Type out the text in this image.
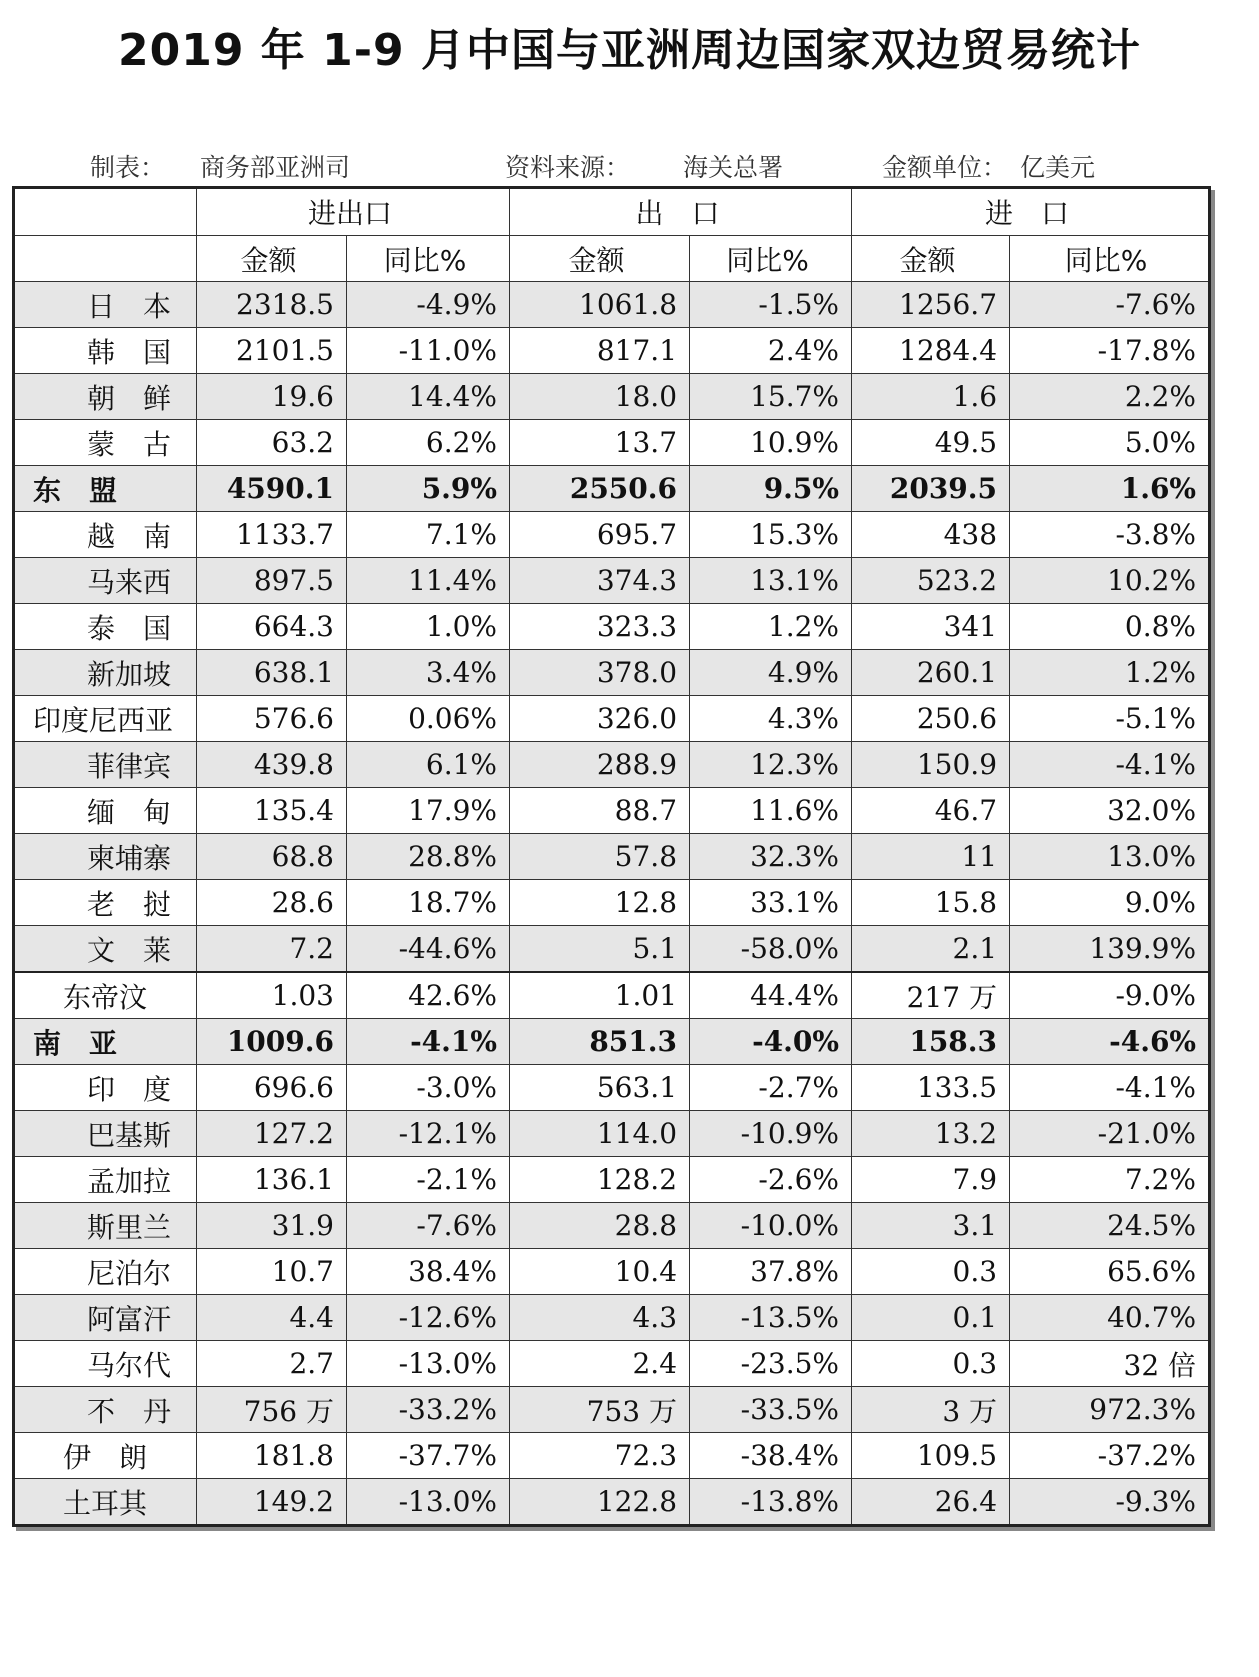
2019 年 1-9 月中国与亚洲周边国家双边贸易统计
制表： 商务部亚洲司	资料来源： 海关总署	金额单位： 亿美元
	进出口		出　口		进　口	
	金额	同比%	金额	同比%	金额	同比%
日　本	2318.5	-4.9%	1061.8	-1.5%	1256.7	-7.6%
韩　国	2101.5	-11.0%	817.1	2.4%	1284.4	-17.8%
朝　鲜	19.6	14.4%	18.0	15.7%	1.6	2.2%
蒙　古	63.2	6.2%	13.7	10.9%	49.5	5.0%
东　盟	4590.1	5.9%	2550.6	9.5%	2039.5	1.6%
越　南	1133.7	7.1%	695.7	15.3%	438	-3.8%
马来西	897.5	11.4%	374.3	13.1%	523.2	10.2%
泰　国	664.3	1.0%	323.3	1.2%	341	0.8%
新加坡	638.1	3.4%	378.0	4.9%	260.1	1.2%
印度尼西亚	576.6	0.06%	326.0	4.3%	250.6	-5.1%
菲律宾	439.8	6.1%	288.9	12.3%	150.9	-4.1%
缅　甸	135.4	17.9%	88.7	11.6%	46.7	32.0%
柬埔寨	68.8	28.8%	57.8	32.3%	11	13.0%
老　挝	28.6	18.7%	12.8	33.1%	15.8	9.0%
文　莱	7.2	-44.6%	5.1	-58.0%	2.1	139.9%
东帝汶	1.03	42.6%	1.01	44.4%	217 万	-9.0%
南　亚	1009.6	-4.1%	851.3	-4.0%	158.3	-4.6%
印　度	696.6	-3.0%	563.1	-2.7%	133.5	-4.1%
巴基斯	127.2	-12.1%	114.0	-10.9%	13.2	-21.0%
孟加拉	136.1	-2.1%	128.2	-2.6%	7.9	7.2%
斯里兰	31.9	-7.6%	28.8	-10.0%	3.1	24.5%
尼泊尔	10.7	38.4%	10.4	37.8%	0.3	65.6%
阿富汗	4.4	-12.6%	4.3	-13.5%	0.1	40.7%
马尔代	2.7	-13.0%	2.4	-23.5%	0.3	32 倍
不　丹	756 万	-33.2%	753 万	-33.5%	3 万	972.3%
伊　朗	181.8	-37.7%	72.3	-38.4%	109.5	-37.2%
土耳其	149.2	-13.0%	122.8	-13.8%	26.4	-9.3%
